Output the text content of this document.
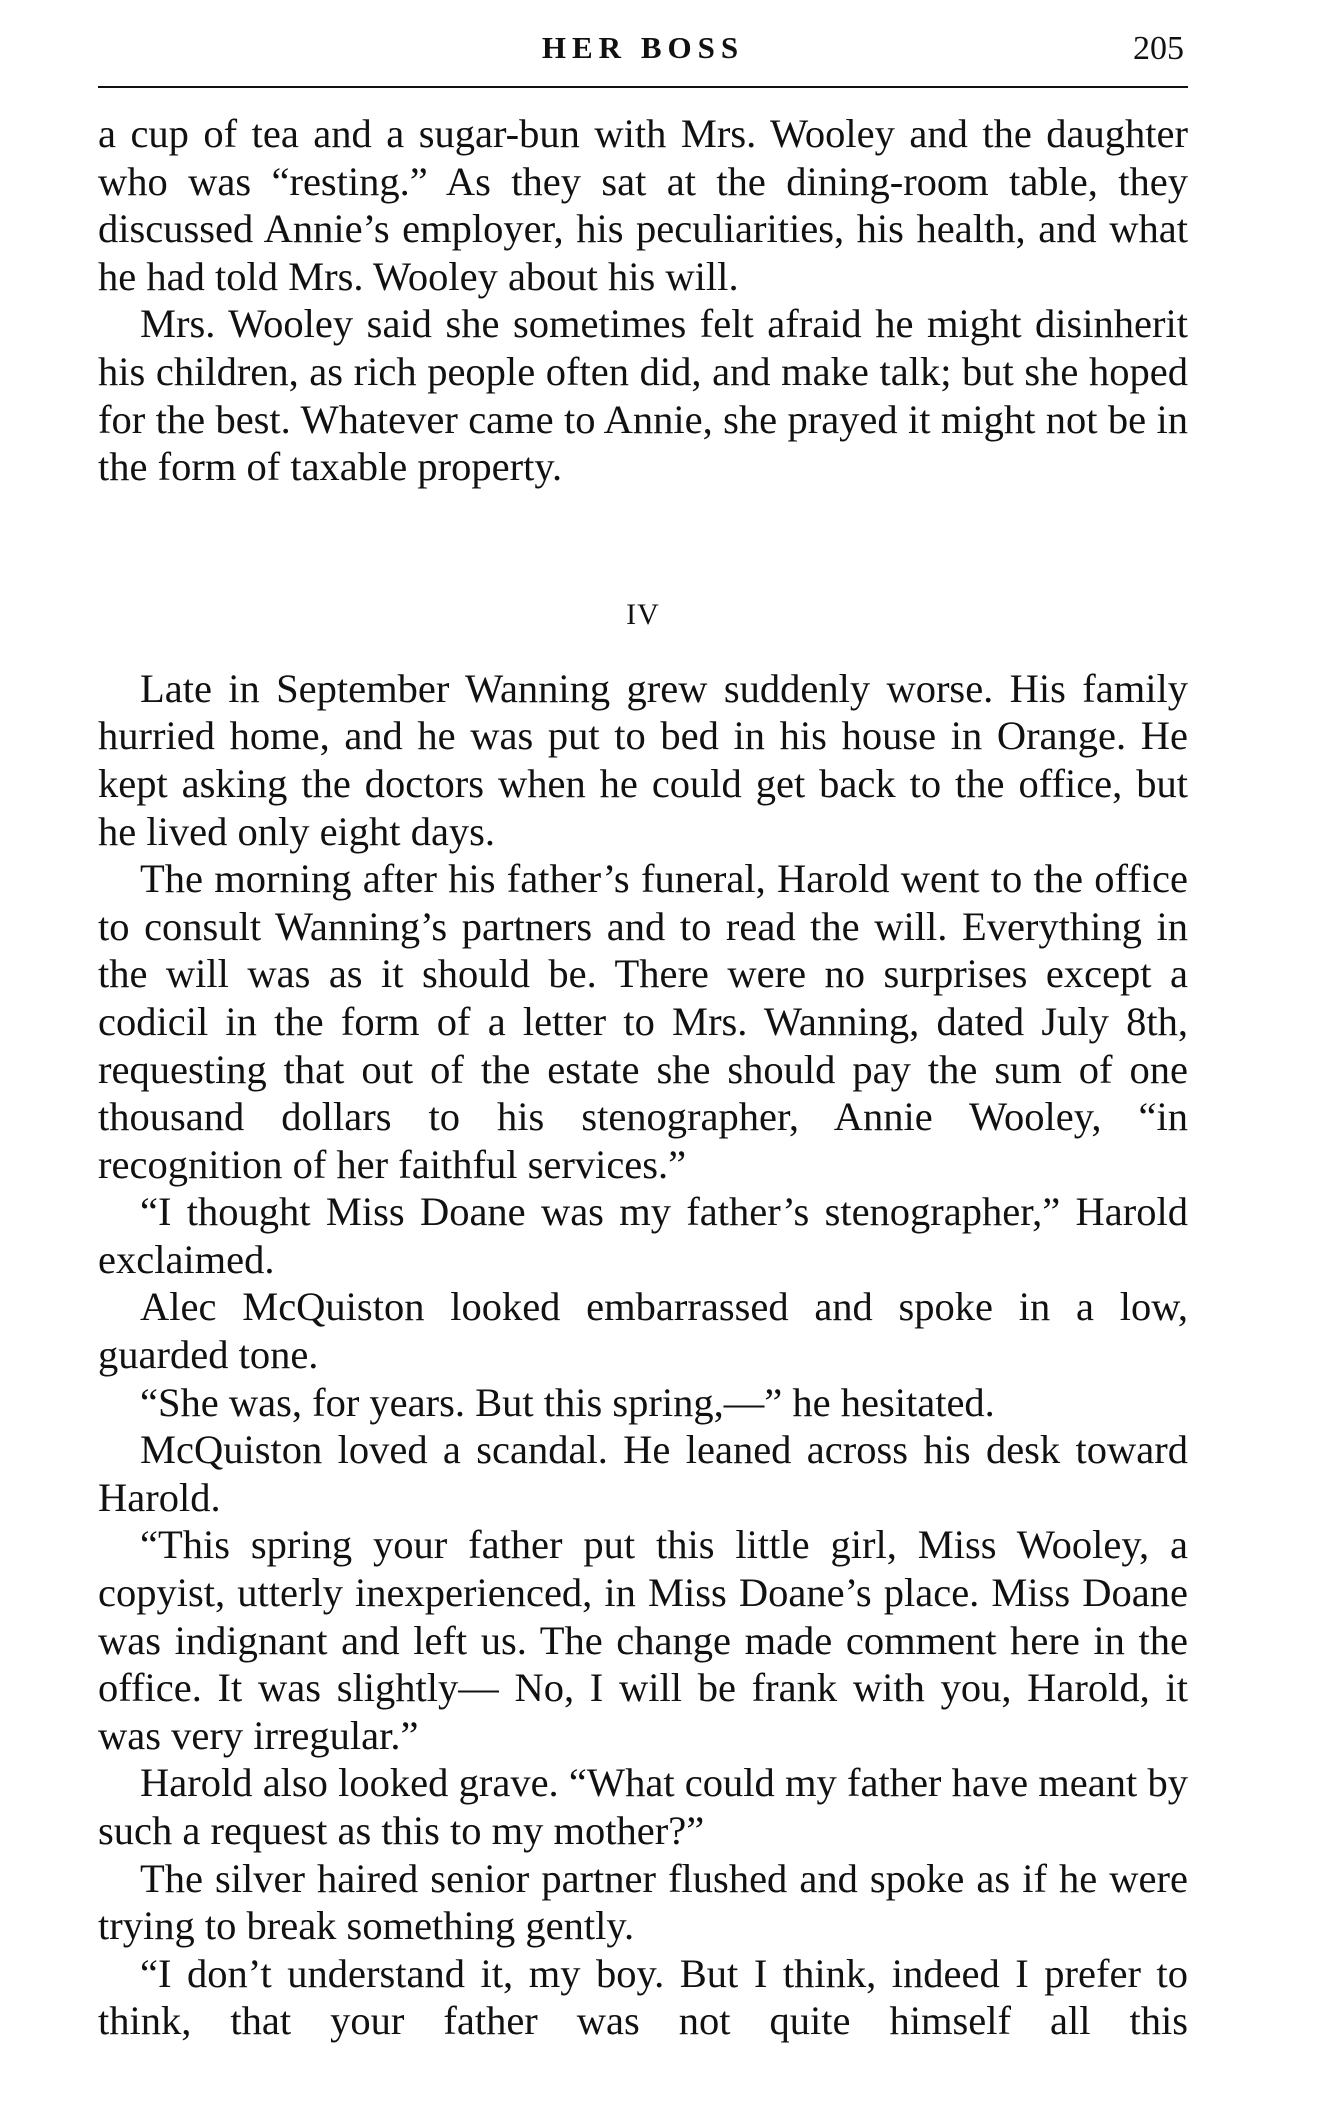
HER BOSS	205

a cup of tea and a sugar-bun with Mrs. Wooley and the daughter who was “resting.” As they sat at the dining-room table, they discussed Annie’s employer, his peculiarities, his health, and what he had told Mrs. Wooley about his will.

Mrs. Wooley said she sometimes felt afraid he might disinherit his children, as rich people often did, and make talk; but she hoped for the best. Whatever came to Annie, she prayed it might not be in the form of taxable property.

IV

Late in September Wanning grew suddenly worse. His family hurried home, and he was put to bed in his house in Orange. He kept asking the doctors when he could get back to the office, but he lived only eight days.

The morning after his father’s funeral, Harold went to the office to consult Wanning’s partners and to read the will. Everything in the will was as it should be. There were no surprises except a codicil in the form of a letter to Mrs. Wanning, dated July 8th, requesting that out of the estate she should pay the sum of one thousand dollars to his stenographer, Annie Wooley, “in recognition of her faithful services.”

“I thought Miss Doane was my father’s stenographer,” Harold exclaimed.

Alec McQuiston looked embarrassed and spoke in a low, guarded tone.

“She was, for years. But this spring,—” he hesitated.

McQuiston loved a scandal. He leaned across his desk toward Harold.

“This spring your father put this little girl, Miss Wooley, a copyist, utterly inexperienced, in Miss Doane’s place. Miss Doane was indignant and left us. The change made comment here in the office. It was slightly— No, I will be frank with you, Harold, it was very irregular.”

Harold also looked grave. “What could my father have meant by such a request as this to my mother?”

The silver haired senior partner flushed and spoke as if he were trying to break something gently.

“I don’t understand it, my boy. But I think, indeed I prefer to think, that your father was not quite himself all this
